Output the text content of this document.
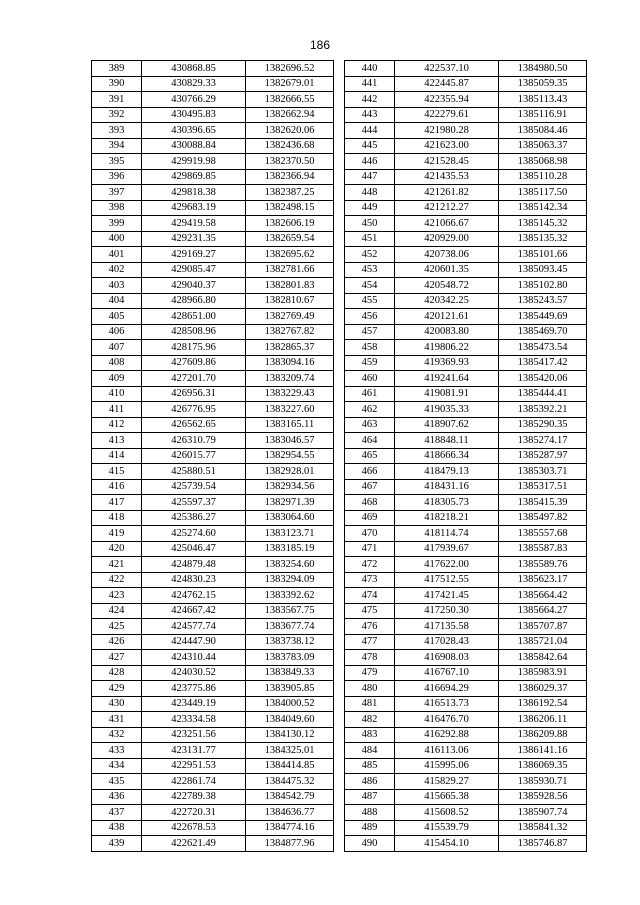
186
389	430868.85	1382696.52
390	430829.33	1382679.01
391	430766.29	1382666.55
392	430495.83	1382662.94
393	430396.65	1382620.06
394	430088.84	1382436.68
395	429919.98	1382370.50
396	429869.85	1382366.94
397	429818.38	1382387.25
398	429683.19	1382498.15
399	429419.58	1382606.19
400	429231.35	1382659.54
401	429169.27	1382695.62
402	429085.47	1382781.66
403	429040.37	1382801.83
404	428966.80	1382810.67
405	428651.00	1382769.49
406	428508.96	1382767.82
407	428175.96	1382865.37
408	427609.86	1383094.16
409	427201.70	1383209.74
410	426956.31	1383229.43
411	426776.95	1383227.60
412	426562.65	1383165.11
413	426310.79	1383046.57
414	426015.77	1382954.55
415	425880.51	1382928.01
416	425739.54	1382934.56
417	425597.37	1382971.39
418	425386.27	1383064.60
419	425274.60	1383123.71
420	425046.47	1383185.19
421	424879.48	1383254.60
422	424830.23	1383294.09
423	424762.15	1383392.62
424	424667.42	1383567.75
425	424577.74	1383677.74
426	424447.90	1383738.12
427	424310.44	1383783.09
428	424030.52	1383849.33
429	423775.86	1383905.85
430	423449.19	1384000.52
431	423334.58	1384049.60
432	423251.56	1384130.12
433	423131.77	1384325.01
434	422951.53	1384414.85
435	422861.74	1384475.32
436	422789.38	1384542.79
437	422720.31	1384636.77
438	422678.53	1384774.16
439	422621.49	1384877.96
440	422537.10	1384980.50
441	422445.87	1385059.35
442	422355.94	1385113.43
443	422279.61	1385116.91
444	421980.28	1385084.46
445	421623.00	1385063.37
446	421528.45	1385068.98
447	421435.53	1385110.28
448	421261.82	1385117.50
449	421212.27	1385142.34
450	421066.67	1385145.32
451	420929.00	1385135.32
452	420738.06	1385101.66
453	420601.35	1385093.45
454	420548.72	1385102.80
455	420342.25	1385243.57
456	420121.61	1385449.69
457	420083.80	1385469.70
458	419806.22	1385473.54
459	419369.93	1385417.42
460	419241.64	1385420.06
461	419081.91	1385444.41
462	419035.33	1385392.21
463	418907.62	1385290.35
464	418848.11	1385274.17
465	418666.34	1385287.97
466	418479.13	1385303.71
467	418431.16	1385317.51
468	418305.73	1385415.39
469	418218.21	1385497.82
470	418114.74	1385557.68
471	417939.67	1385587.83
472	417622.00	1385589.76
473	417512.55	1385623.17
474	417421.45	1385664.42
475	417250.30	1385664.27
476	417135.58	1385707.87
477	417028.43	1385721.04
478	416908.03	1385842.64
479	416767.10	1385983.91
480	416694.29	1386029.37
481	416513.73	1386192.54
482	416476.70	1386206.11
483	416292.88	1386209.88
484	416113.06	1386141.16
485	415995.06	1386069.35
486	415829.27	1385930.71
487	415665.38	1385928.56
488	415608.52	1385907.74
489	415539.79	1385841.32
490	415454.10	1385746.87
